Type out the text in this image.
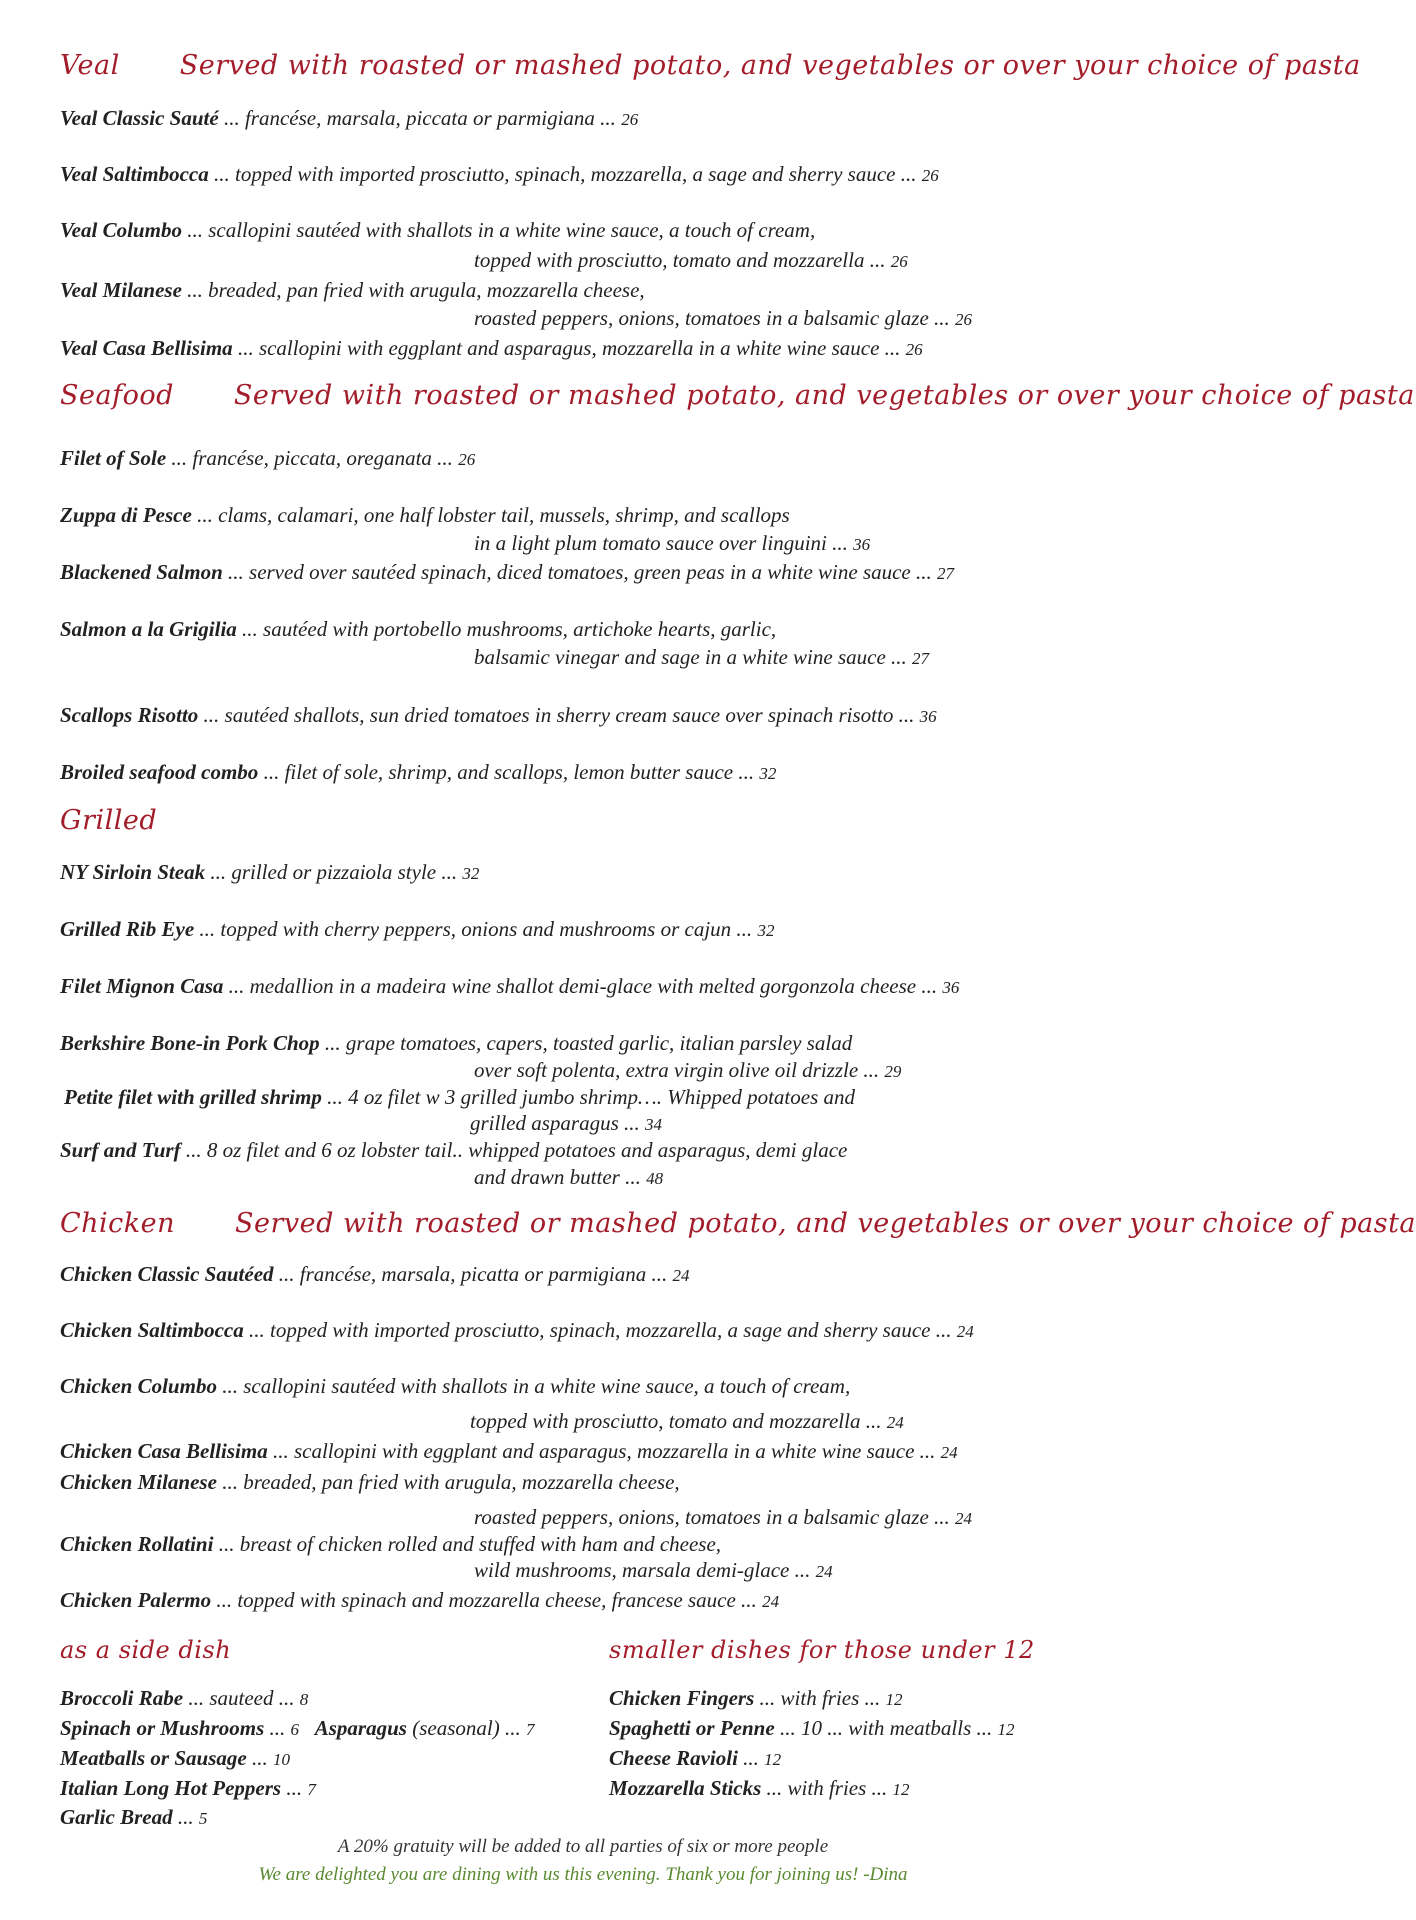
Veal Served with roasted or mashed potato, and vegetables or over your choice of pasta
Veal Classic Sauté ... francése, marsala, piccata or parmigiana ... 26
Veal Saltimbocca ... topped with imported prosciutto, spinach, mozzarella, a sage and sherry sauce ... 26
Veal Columbo ... scallopini sautéed with shallots in a white wine sauce, a touch of cream,
topped with prosciutto, tomato and mozzarella ... 26
Veal Milanese ... breaded, pan fried with arugula, mozzarella cheese,
roasted peppers, onions, tomatoes in a balsamic glaze ... 26
Veal Casa Bellisima ... scallopini with eggplant and asparagus, mozzarella in a white wine sauce ... 26
Seafood Served with roasted or mashed potato, and vegetables or over your choice of pasta
Filet of Sole ... francése, piccata, oreganata ... 26
Zuppa di Pesce ... clams, calamari, one half lobster tail, mussels, shrimp, and scallops
in a light plum tomato sauce over linguini ... 36
Blackened Salmon ... served over sautéed spinach, diced tomatoes, green peas in a white wine sauce ... 27
Salmon a la Grigilia ... sautéed with portobello mushrooms, artichoke hearts, garlic,
balsamic vinegar and sage in a white wine sauce ... 27
Scallops Risotto ... sautéed shallots, sun dried tomatoes in sherry cream sauce over spinach risotto ... 36
Broiled seafood combo ... filet of sole, shrimp, and scallops, lemon butter sauce ... 32
Grilled
NY Sirloin Steak ... grilled or pizzaiola style ... 32
Grilled Rib Eye ... topped with cherry peppers, onions and mushrooms or cajun ... 32
Filet Mignon Casa ... medallion in a madeira wine shallot demi-glace with melted gorgonzola cheese ... 36
Berkshire Bone-in Pork Chop ... grape tomatoes, capers, toasted garlic, italian parsley salad
over soft polenta, extra virgin olive oil drizzle ... 29
Petite filet with grilled shrimp ... 4 oz filet w 3 grilled jumbo shrimp…. Whipped potatoes and
grilled asparagus ... 34
Surf and Turf ... 8 oz filet and 6 oz lobster tail.. whipped potatoes and asparagus, demi glace
and drawn butter ... 48
Chicken Served with roasted or mashed potato, and vegetables or over your choice of pasta
Chicken Classic Sautéed ... francése, marsala, picatta or parmigiana ... 24
Chicken Saltimbocca ... topped with imported prosciutto, spinach, mozzarella, a sage and sherry sauce ... 24
Chicken Columbo ... scallopini sautéed with shallots in a white wine sauce, a touch of cream,
topped with prosciutto, tomato and mozzarella ... 24
Chicken Casa Bellisima ... scallopini with eggplant and asparagus, mozzarella in a white wine sauce ... 24
Chicken Milanese ... breaded, pan fried with arugula, mozzarella cheese,
roasted peppers, onions, tomatoes in a balsamic glaze ... 24
Chicken Rollatini ... breast of chicken rolled and stuffed with ham and cheese,
wild mushrooms, marsala demi-glace ... 24
Chicken Palermo ... topped with spinach and mozzarella cheese, francese sauce ... 24
as a side dish
Broccoli Rabe ... sauteed ... 8
Spinach or Mushrooms ... 6 Asparagus (seasonal) ... 7
Meatballs or Sausage ... 10
Italian Long Hot Peppers ... 7
Garlic Bread ... 5
smaller dishes for those under 12
Chicken Fingers ... with fries ... 12
Spaghetti or Penne ... 10 ... with meatballs ... 12
Cheese Ravioli ... 12
Mozzarella Sticks ... with fries ... 12
A 20% gratuity will be added to all parties of six or more people
We are delighted you are dining with us this evening. Thank you for joining us! -Dina
